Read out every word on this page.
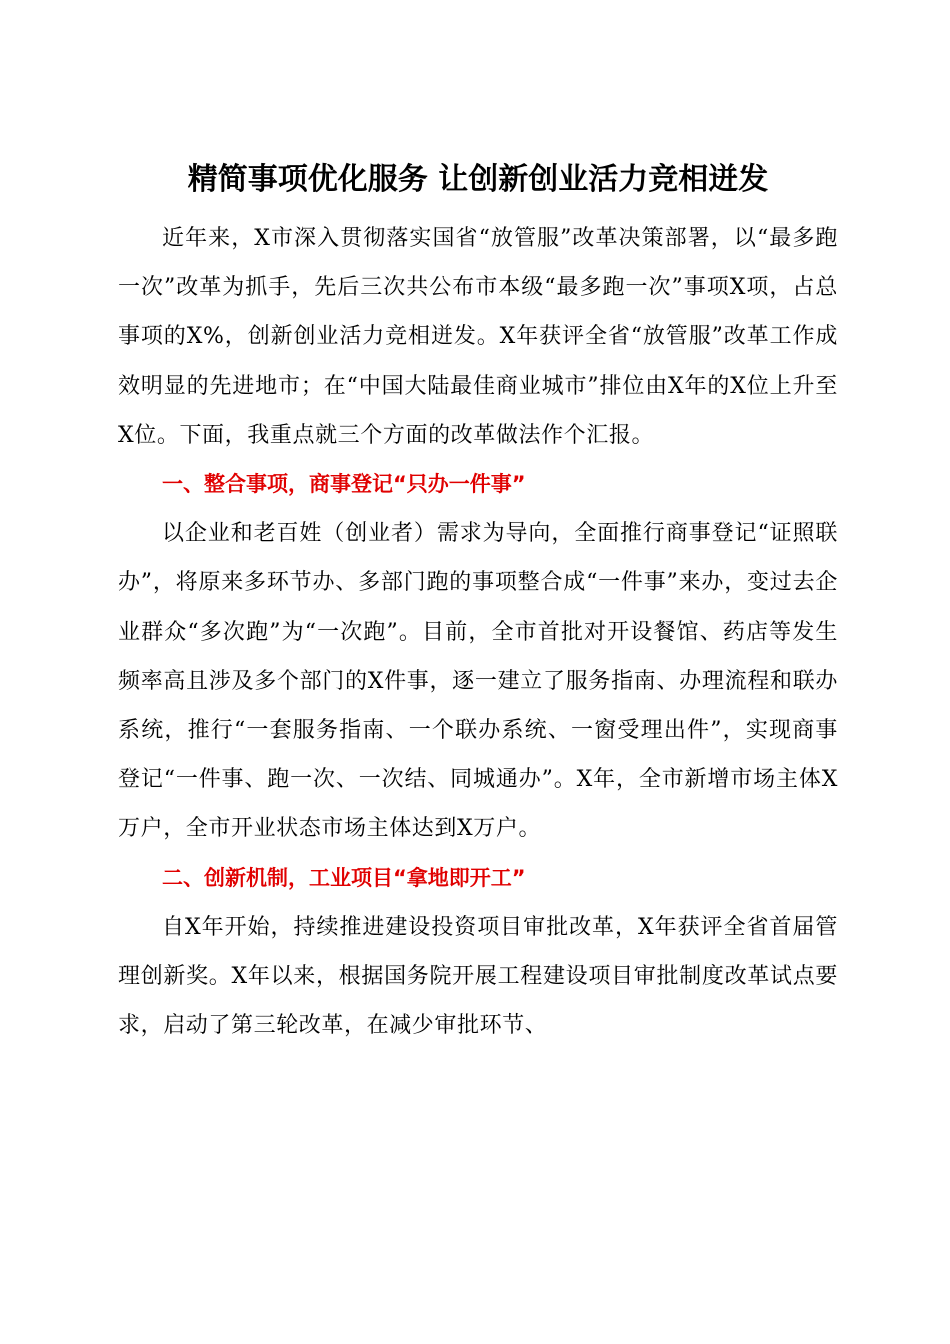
精简事项优化服务 让创新创业活力竞相迸发

近年来，X市深入贯彻落实国省“放管服”改革决策部署，以“最多跑一次”改革为抓手，先后三次共公布市本级“最多跑一次”事项X项，占总事项的X%，创新创业活力竞相迸发。X年获评全省“放管服”改革工作成效明显的先进地市；在“中国大陆最佳商业城市”排位由X年的X位上升至X位。下面，我重点就三个方面的改革做法作个汇报。

一、整合事项，商事登记“只办一件事”

以企业和老百姓（创业者）需求为导向，全面推行商事登记“证照联办”，将原来多环节办、多部门跑的事项整合成“一件事”来办，变过去企业群众“多次跑”为“一次跑”。目前，全市首批对开设餐馆、药店等发生频率高且涉及多个部门的X件事，逐一建立了服务指南、办理流程和联办系统，推行“一套服务指南、一个联办系统、一窗受理出件”，实现商事登记“一件事、跑一次、一次结、同城通办”。X年，全市新增市场主体X万户，全市开业状态市场主体达到X万户。

二、创新机制，工业项目“拿地即开工”

自X年开始，持续推进建设投资项目审批改革，X年获评全省首届管理创新奖。X年以来，根据国务院开展工程建设项目审批制度改革试点要求，启动了第三轮改革，在减少审批环节、
